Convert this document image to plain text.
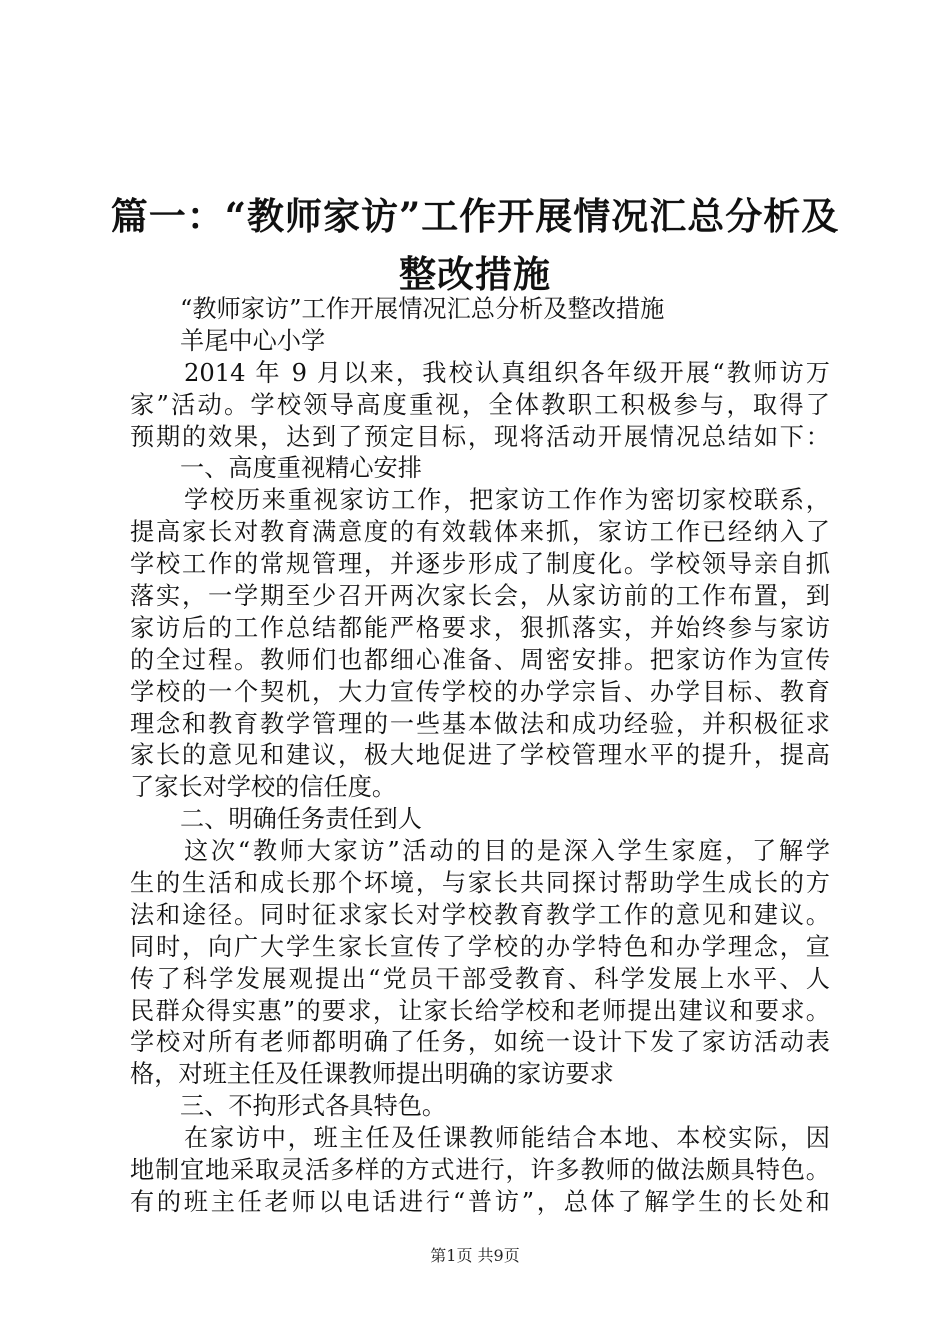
篇一：“教师家访”工作开展情况汇总分析及
整改措施
“教师家访”工作开展情况汇总分析及整改措施
羊尾中心小学
2014 年 9 月以来，我校认真组织各年级开展“教师访万
家”活动。学校领导高度重视，全体教职工积极参与，取得了
预期的效果，达到了预定目标，现将活动开展情况总结如下：
一、高度重视精心安排
学校历来重视家访工作，把家访工作作为密切家校联系，
提高家长对教育满意度的有效载体来抓，家访工作已经纳入了
学校工作的常规管理，并逐步形成了制度化。学校领导亲自抓
落实，一学期至少召开两次家长会，从家访前的工作布置，到
家访后的工作总结都能严格要求，狠抓落实，并始终参与家访
的全过程。教师们也都细心准备、周密安排。把家访作为宣传
学校的一个契机，大力宣传学校的办学宗旨、办学目标、教育
理念和教育教学管理的一些基本做法和成功经验，并积极征求
家长的意见和建议，极大地促进了学校管理水平的提升，提高
了家长对学校的信任度。
二、明确任务责任到人
这次“教师大家访”活动的目的是深入学生家庭，了解学
生的生活和成长那个坏境，与家长共同探讨帮助学生成长的方
法和途径。同时征求家长对学校教育教学工作的意见和建议。
同时，向广大学生家长宣传了学校的办学特色和办学理念，宣
传了科学发展观提出“党员干部受教育、科学发展上水平、人
民群众得实惠”的要求，让家长给学校和老师提出建议和要求。
学校对所有老师都明确了任务，如统一设计下发了家访活动表
格，对班主任及任课教师提出明确的家访要求
三、不拘形式各具特色。
在家访中，班主任及任课教师能结合本地、本校实际，因
地制宜地采取灵活多样的方式进行，许多教师的做法颇具特色。
有的班主任老师以电话进行“普访”，总体了解学生的长处和
第1页 共9页
